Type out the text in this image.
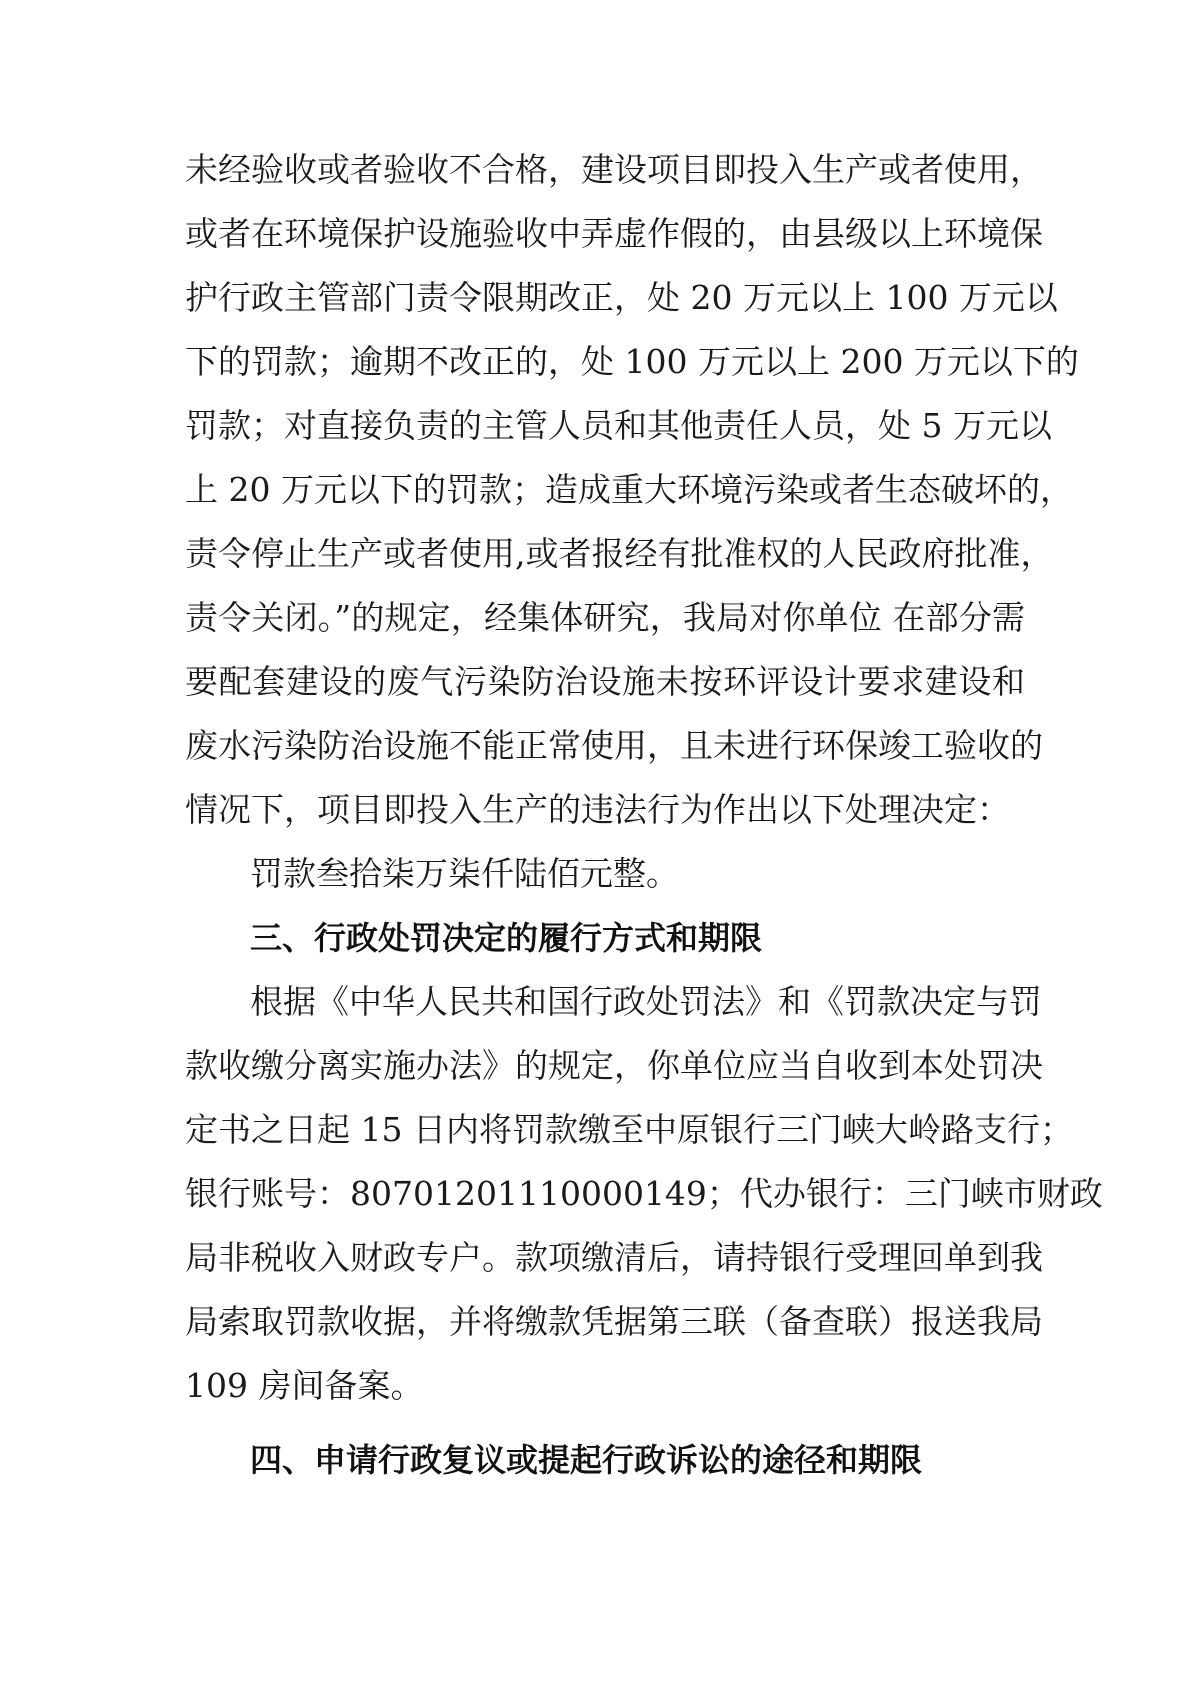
未经验收或者验收不合格，建设项目即投入生产或者使用，
或者在环境保护设施验收中弄虚作假的，由县级以上环境保
护行政主管部门责令限期改正，处 20 万元以上 100 万元以
下的罚款；逾期不改正的，处 100 万元以上 200 万元以下的
罚款；对直接负责的主管人员和其他责任人员，处 5 万元以
上 20 万元以下的罚款；造成重大环境污染或者生态破坏的，
责令停止生产或者使用,或者报经有批准权的人民政府批准，
责令关闭。”的规定，经集体研究，我局对你单位 在部分需
要配套建设的废气污染防治设施未按环评设计要求建设和
废水污染防治设施不能正常使用，且未进行环保竣工验收的
情况下，项目即投入生产的违法行为作出以下处理决定：
罚款叁拾柒万柒仟陆佰元整。
三、行政处罚决定的履行方式和期限
根据《中华人民共和国行政处罚法》和《罚款决定与罚
款收缴分离实施办法》的规定，你单位应当自收到本处罚决
定书之日起 15 日内将罚款缴至中原银行三门峡大岭路支行；
银行账号：80701201110000149；代办银行：三门峡市财政
局非税收入财政专户。款项缴清后，请持银行受理回单到我
局索取罚款收据，并将缴款凭据第三联（备查联）报送我局
109 房间备案。
四、申请行政复议或提起行政诉讼的途径和期限
